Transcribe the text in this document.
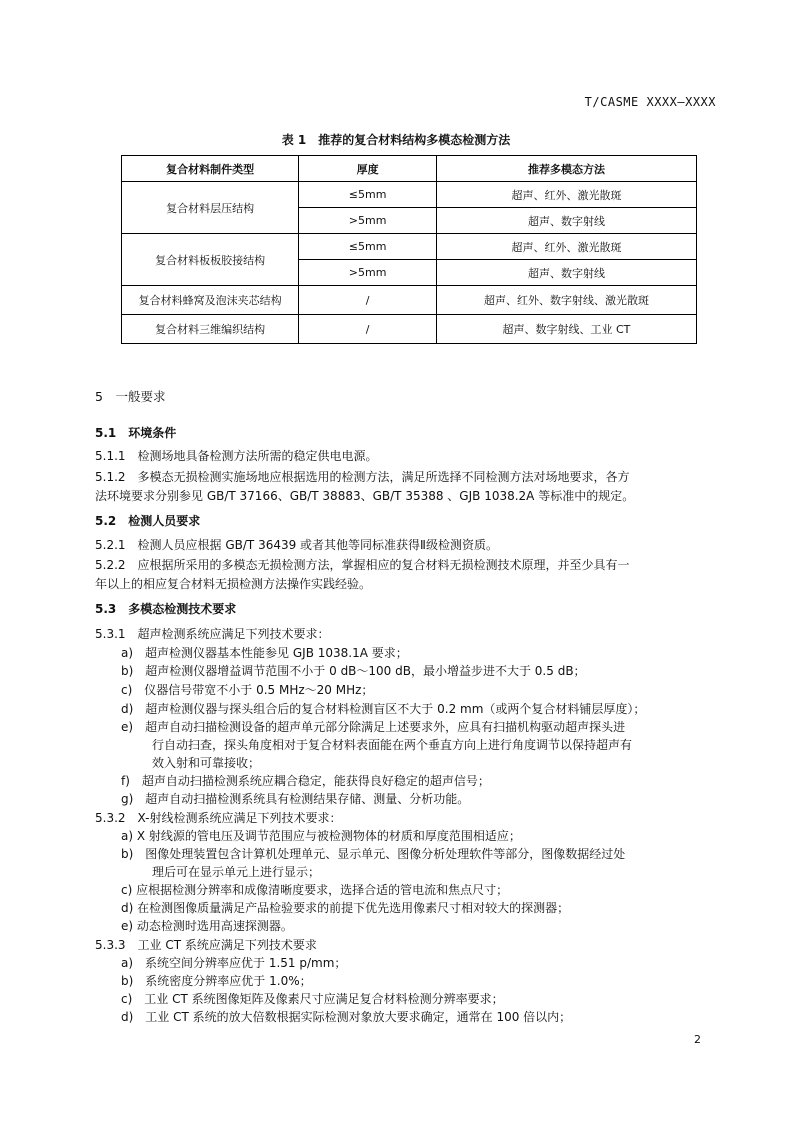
T/CASME XXXX—XXXX
表 1　推荐的复合材料结构多模态检测方法
复合材料制件类型	厚度	推荐多模态方法
复合材料层压结构	≤5mm	超声、红外、激光散斑
	>5mm	超声、数字射线
复合材料板板胶接结构	≤5mm	超声、红外、激光散斑
	>5mm	超声、数字射线
复合材料蜂窝及泡沫夹芯结构	/	超声、红外、数字射线、激光散斑
复合材料三维编织结构	/	超声、数字射线、工业 CT
5　一般要求
5.1　环境条件
5.1.1　检测场地具备检测方法所需的稳定供电电源。
5.1.2　多模态无损检测实施场地应根据选用的检测方法，满足所选择不同检测方法对场地要求，各方
法环境要求分别参见 GB/T 37166、GB/T 38883、GB/T 35388 、GJB 1038.2A 等标准中的规定。
5.2　检测人员要求
5.2.1　检测人员应根据 GB/T 36439 或者其他等同标准获得Ⅱ级检测资质。
5.2.2　应根据所采用的多模态无损检测方法，掌握相应的复合材料无损检测技术原理，并至少具有一
年以上的相应复合材料无损检测方法操作实践经验。
5.3　多模态检测技术要求
5.3.1　超声检测系统应满足下列技术要求：
a)　超声检测仪器基本性能参见 GJB 1038.1A 要求；
b)　超声检测仪器增益调节范围不小于 0 dB～100 dB，最小增益步进不大于 0.5 dB；
c)　仪器信号带宽不小于 0.5 MHz～20 MHz；
d)　超声检测仪器与探头组合后的复合材料检测盲区不大于 0.2 mm（或两个复合材料铺层厚度）；
e)　超声自动扫描检测设备的超声单元部分除满足上述要求外，应具有扫描机构驱动超声探头进
行自动扫查，探头角度相对于复合材料表面能在两个垂直方向上进行角度调节以保持超声有
效入射和可靠接收；
f)　超声自动扫描检测系统应耦合稳定，能获得良好稳定的超声信号；
g)　超声自动扫描检测系统具有检测结果存储、测量、分析功能。
5.3.2　X-射线检测系统应满足下列技术要求：
a) X 射线源的管电压及调节范围应与被检测物体的材质和厚度范围相适应；
b)　图像处理装置包含计算机处理单元、显示单元、图像分析处理软件等部分，图像数据经过处
理后可在显示单元上进行显示；
c) 应根据检测分辨率和成像清晰度要求，选择合适的管电流和焦点尺寸；
d) 在检测图像质量满足产品检验要求的前提下优先选用像素尺寸相对较大的探测器；
e) 动态检测时选用高速探测器。
5.3.3　工业 CT 系统应满足下列技术要求
a)　系统空间分辨率应优于 1.51 p/mm；
b)　系统密度分辨率应优于 1.0%；
c)　工业 CT 系统图像矩阵及像素尺寸应满足复合材料检测分辨率要求；
d)　工业 CT 系统的放大倍数根据实际检测对象放大要求确定，通常在 100 倍以内；
2
